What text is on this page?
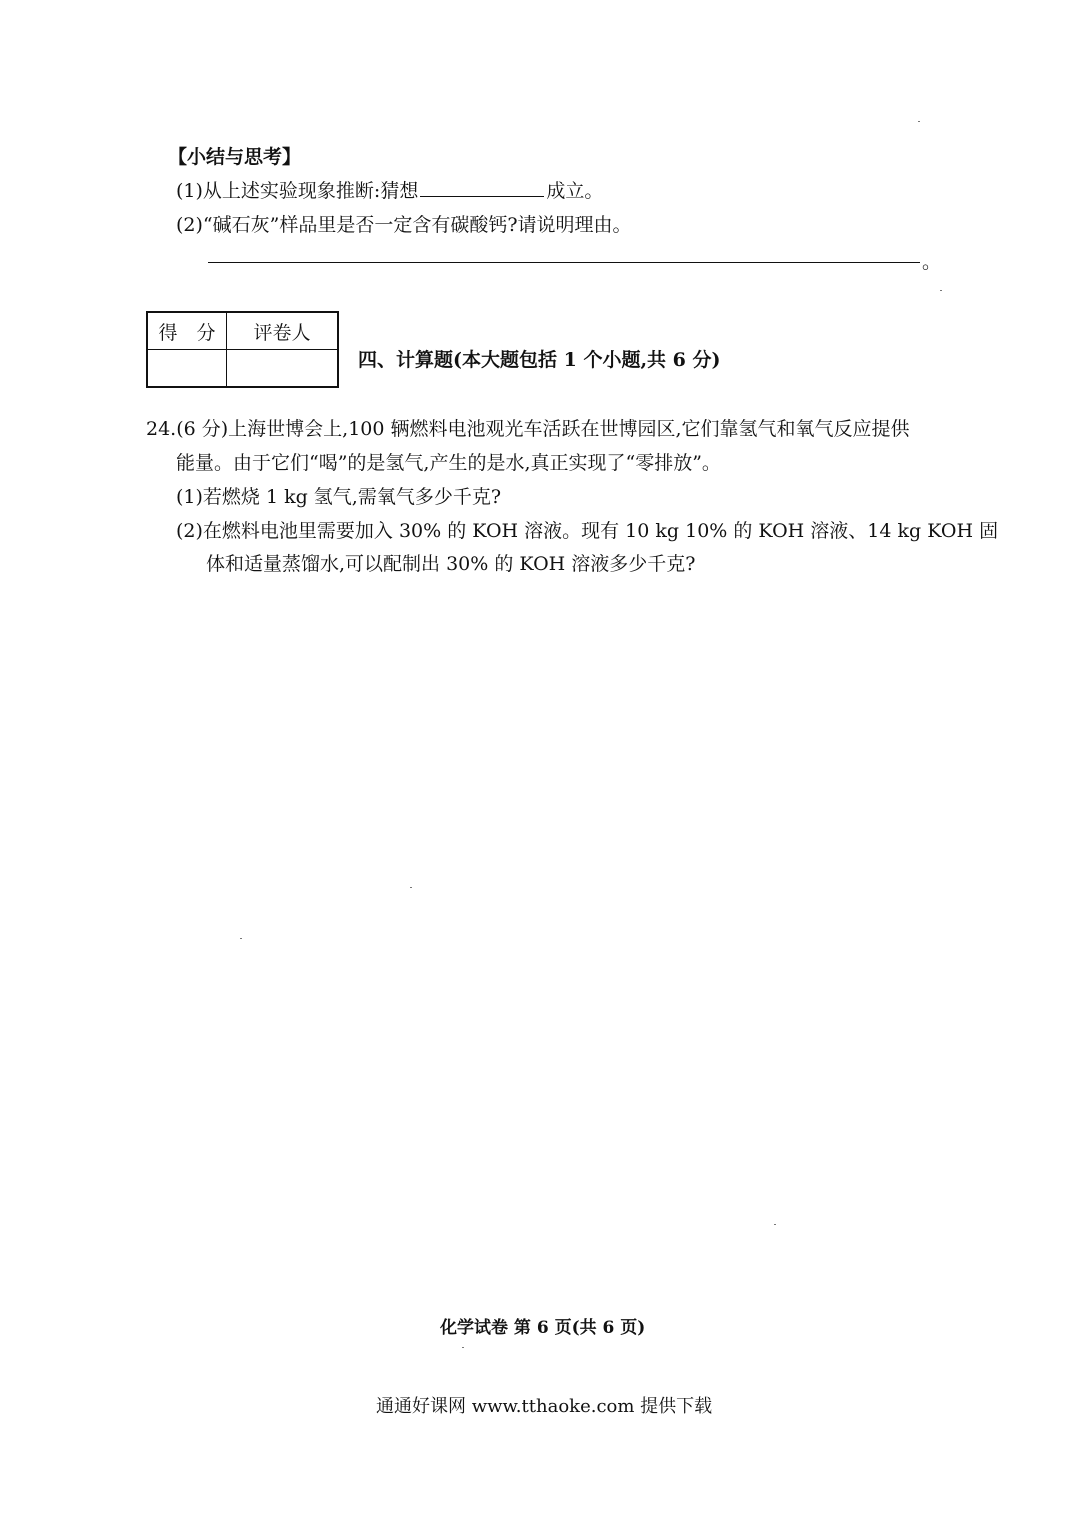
【小结与思考】
(1)从上述实验现象推断:猜想	成立。
(2)“碱石灰”样品里是否一定含有碳酸钙?请说明理由。
。
得　分	评卷人

四、计算题(本大题包括 1 个小题,共 6 分)
24.(6 分)上海世博会上,100 辆燃料电池观光车活跃在世博园区,它们靠氢气和氧气反应提供
能量。由于它们“喝”的是氢气,产生的是水,真正实现了“零排放”。
(1)若燃烧 1 kg 氢气,需氧气多少千克?
(2)在燃料电池里需要加入 30% 的 KOH 溶液。现有 10 kg 10% 的 KOH 溶液、14 kg KOH 固
体和适量蒸馏水,可以配制出 30% 的 KOH 溶液多少千克?
化学试卷 第 6 页(共 6 页)
通通好课网 www.tthaoke.com 提供下载
